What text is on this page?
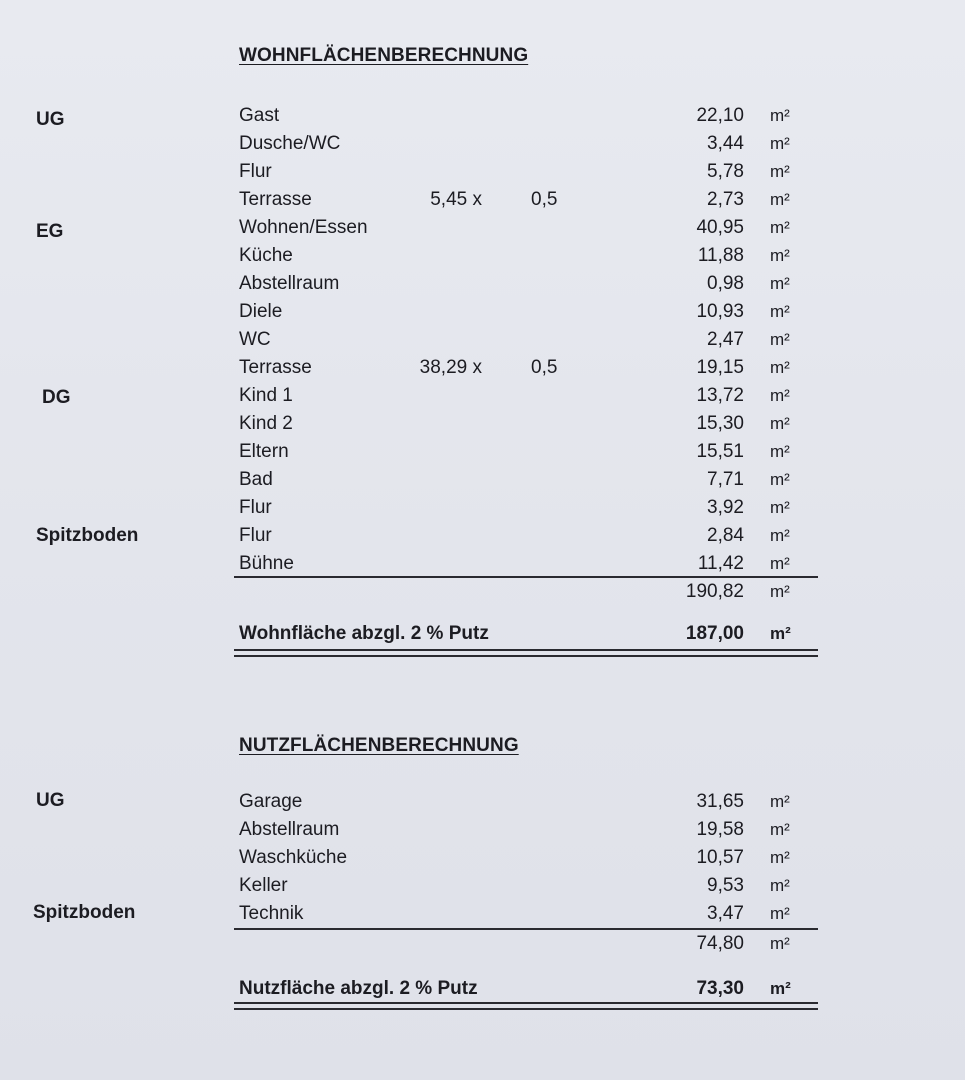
WOHNFLÄCHENBERECHNUNG
UG
EG
DG
Spitzboden
Gast	22,10 m²
Dusche/WC	3,44 m²
Flur	5,78 m²
Terrasse	5,45 x	0,5	2,73 m²
Wohnen/Essen	40,95 m²
Küche	11,88 m²
Abstellraum	0,98 m²
Diele	10,93 m²
WC	2,47 m²
Terrasse	38,29 x	0,5	19,15 m²
Kind 1	13,72 m²
Kind 2	15,30 m²
Eltern	15,51 m²
Bad	7,71 m²
Flur	3,92 m²
Flur	2,84 m²
Bühne	11,42 m²
190,82 m²
Wohnfläche abzgl. 2 % Putz	187,00 m²
NUTZFLÄCHENBERECHNUNG
UG
Spitzboden
Garage	31,65 m²
Abstellraum	19,58 m²
Waschküche	10,57 m²
Keller	9,53 m²
Technik	3,47 m²
74,80 m²
Nutzfläche abzgl. 2 % Putz	73,30 m²
